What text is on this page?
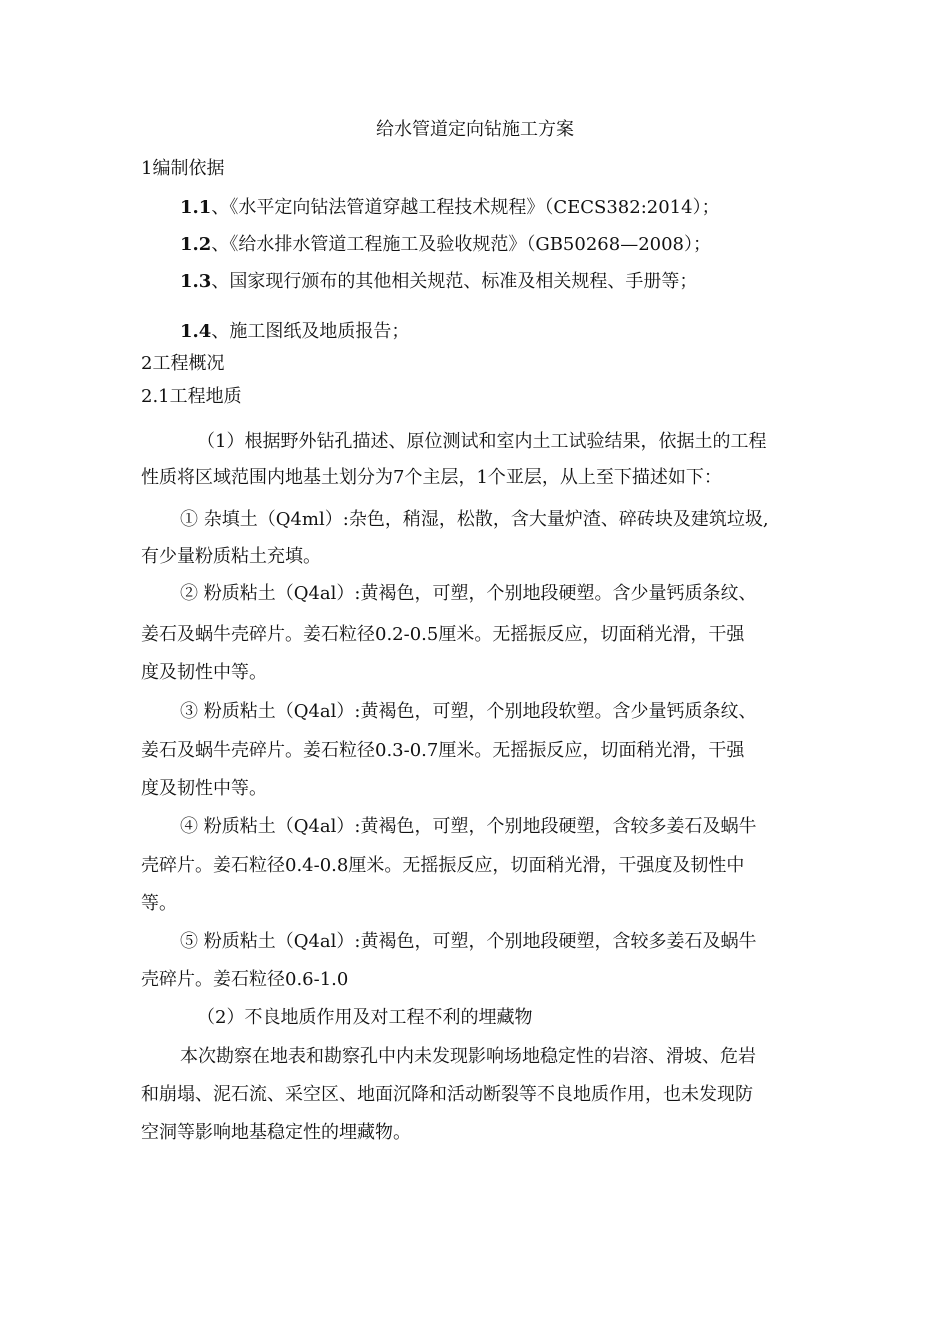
给水管道定向钻施工方案
1编制依据
1.1、《水平定向钻法管道穿越工程技术规程》（CECS382:2014）；
1.2、《给水排水管道工程施工及验收规范》（GB50268—2008）；
1.3、国家现行颁布的其他相关规范、标准及相关规程、手册等；
1.4、施工图纸及地质报告；
2工程概况
2.1工程地质
（1）根据野外钻孔描述、原位测试和室内土工试验结果，依据土的工程
性质将区域范围内地基土划分为7个主层，1个亚层，从上至下描述如下：
① 杂填土（Q4ml）:杂色，稍湿，松散，含大量炉渣、碎砖块及建筑垃圾,
有少量粉质粘土充填。
② 粉质粘土（Q4al）:黄褐色，可塑，个别地段硬塑。含少量钙质条纹、
姜石及蜗牛壳碎片。姜石粒径0.2-0.5厘米。无摇振反应，切面稍光滑，干强
度及韧性中等。
③ 粉质粘土（Q4al）:黄褐色，可塑，个别地段软塑。含少量钙质条纹、
姜石及蜗牛壳碎片。姜石粒径0.3-0.7厘米。无摇振反应，切面稍光滑，干强
度及韧性中等。
④ 粉质粘土（Q4al）:黄褐色，可塑，个别地段硬塑，含较多姜石及蜗牛
壳碎片。姜石粒径0.4-0.8厘米。无摇振反应，切面稍光滑，干强度及韧性中
等。
⑤ 粉质粘土（Q4al）:黄褐色，可塑，个别地段硬塑，含较多姜石及蜗牛
壳碎片。姜石粒径0.6-1.0
（2）不良地质作用及对工程不利的埋藏物
本次勘察在地表和勘察孔中内未发现影响场地稳定性的岩溶、滑坡、危岩
和崩塌、泥石流、采空区、地面沉降和活动断裂等不良地质作用，也未发现防
空洞等影响地基稳定性的埋藏物。
